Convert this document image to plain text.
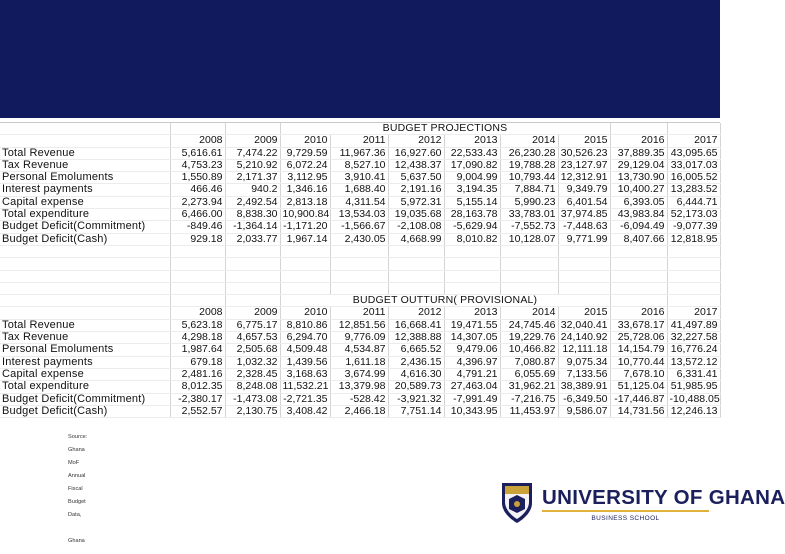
			BUDGET PROJECTIONS							
	2008	2009	2010	2011	2012	2013	2014	2015	2016	2017
Total Revenue	5,616.61	7,474.22	9,729.59	11,967.36	16,927.60	22,533.43	26,230.28	30,526.23	37,889.35	43,095.65
Tax Revenue	4,753.23	5,210.92	6,072.24	8,527.10	12,438.37	17,090.82	19,788.28	23,127.97	29,129.04	33,017.03
Personal Emoluments	1,550.89	2,171.37	3,112.95	3,910.41	5,637.50	9,004.99	10,793.44	12,312.91	13,730.90	16,005.52
Interest payments	466.46	940.2	1,346.16	1,688.40	2,191.16	3,194.35	7,884.71	9,349.79	10,400.27	13,283.52
Capital expense	2,273.94	2,492.54	2,813.18	4,311.54	5,972.31	5,155.14	5,990.23	6,401.54	6,393.05	6,444.71
Total expenditure	6,466.00	8,838.30	10,900.84	13,534.03	19,035.68	28,163.78	33,783.01	37,974.85	43,983.84	52,173.03
Budget Deficit(Commitment)	-849.46	-1,364.14	-1,171.20	-1,566.67	-2,108.08	-5,629.94	-7,552.73	-7,448.63	-6,094.49	-9,077.39
Budget Deficit(Cash)	929.18	2,033.77	1,967.14	2,430.05	4,668.99	8,010.82	10,128.07	9,771.99	8,407.66	12,818.95

			BUDGET OUTTURN( PROVISIONAL)							
	2008	2009	2010	2011	2012	2013	2014	2015	2016	2017
Total Revenue	5,623.18	6,775.17	8,810.86	12,851.56	16,668.41	19,471.55	24,745.46	32,040.41	33,678.17	41,497.89
Tax Revenue	4,298.18	4,657.53	6,294.70	9,776.09	12,388.88	14,307.05	19,229.76	24,140.92	25,728.06	32,227.58
Personal Emoluments	1,987.64	2,505.68	4,509.48	4,534.87	6,665.52	9,479.06	10,466.82	12,111.18	14,154.79	16,776.24
Interest payments	679.18	1,032.32	1,439.56	1,611.18	2,436.15	4,396.97	7,080.87	9,075.34	10,770.44	13,572.12
Capital expense	2,481.16	2,328.45	3,168.63	3,674.99	4,616.30	4,791.21	6,055.69	7,133.56	7,678.10	6,331.41
Total expenditure	8,012.35	8,248.08	11,532.21	13,379.98	20,589.73	27,463.04	31,962.21	38,389.91	51,125.04	51,985.95
Budget Deficit(Commitment)	-2,380.17	-1,473.08	-2,721.35	-528.42	-3,921.32	-7,991.49	-7,216.75	-6,349.50	-17,446.87	-10,488.05
Budget Deficit(Cash)	2,552.57	2,130.75	3,408.42	2,466.18	7,751.14	10,343.95	11,453.97	9,586.07	14,731.56	12,246.13
Source: MoF Fiscal Data, Ghana
Ghana Annual Budget	UNIVERSITY OF GHANA
BUSINESS SCHOOL
